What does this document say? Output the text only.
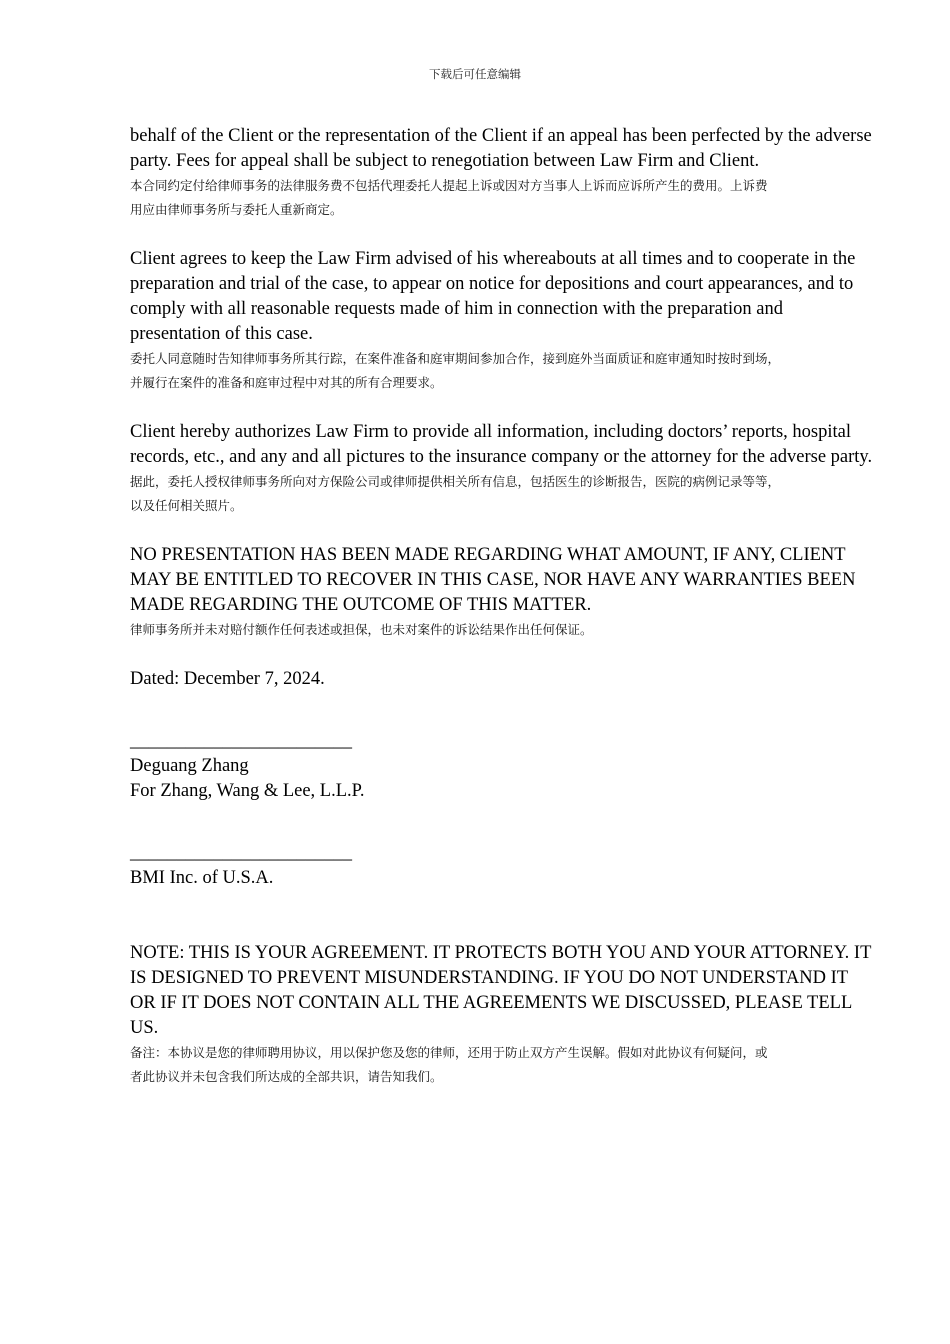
下载后可任意编辑

behalf of the Client or the representation of the Client if an appeal has been perfected by the adverse party. Fees for appeal shall be subject to renegotiation between Law Firm and Client.

本合同约定付给律师事务的法律服务费不包括代理委托人提起上诉或因对方当事人上诉而应诉所产生的费用。上诉费

用应由律师事务所与委托人重新商定。

Client agrees to keep the Law Firm advised of his whereabouts at all times and to cooperate in the preparation and trial of the case, to appear on notice for depositions and court appearances, and to comply with all reasonable requests made of him in connection with the preparation and presentation of this case.

委托人同意随时告知律师事务所其行踪，在案件准备和庭审期间参加合作，接到庭外当面质证和庭审通知时按时到场，

并履行在案件的准备和庭审过程中对其的所有合理要求。

Client hereby authorizes Law Firm to provide all information, including doctors’ reports, hospital records, etc., and any and all pictures to the insurance company or the attorney for the adverse party.

据此，委托人授权律师事务所向对方保险公司或律师提供相关所有信息，包括医生的诊断报告，医院的病例记录等等，

以及任何相关照片。

NO PRESENTATION HAS BEEN MADE REGARDING WHAT AMOUNT, IF ANY, CLIENT MAY BE ENTITLED TO RECOVER IN THIS CASE, NOR HAVE ANY WARRANTIES BEEN MADE REGARDING THE OUTCOME OF THIS MATTER.

律师事务所并未对赔付额作任何表述或担保，也未对案件的诉讼结果作出任何保证。

Dated: December 7, 2024.

________________________

Deguang Zhang

For Zhang, Wang & Lee, L.L.P.

________________________

BMI Inc. of U.S.A.

NOTE: THIS IS YOUR AGREEMENT. IT PROTECTS BOTH YOU AND YOUR ATTORNEY. IT IS DESIGNED TO PREVENT MISUNDERSTANDING. IF YOU DO NOT UNDERSTAND IT OR IF IT DOES NOT CONTAIN ALL THE AGREEMENTS WE DISCUSSED, PLEASE TELL US.

备注：本协议是您的律师聘用协议，用以保护您及您的律师，还用于防止双方产生误解。假如对此协议有何疑问，或

者此协议并未包含我们所达成的全部共识，请告知我们。
